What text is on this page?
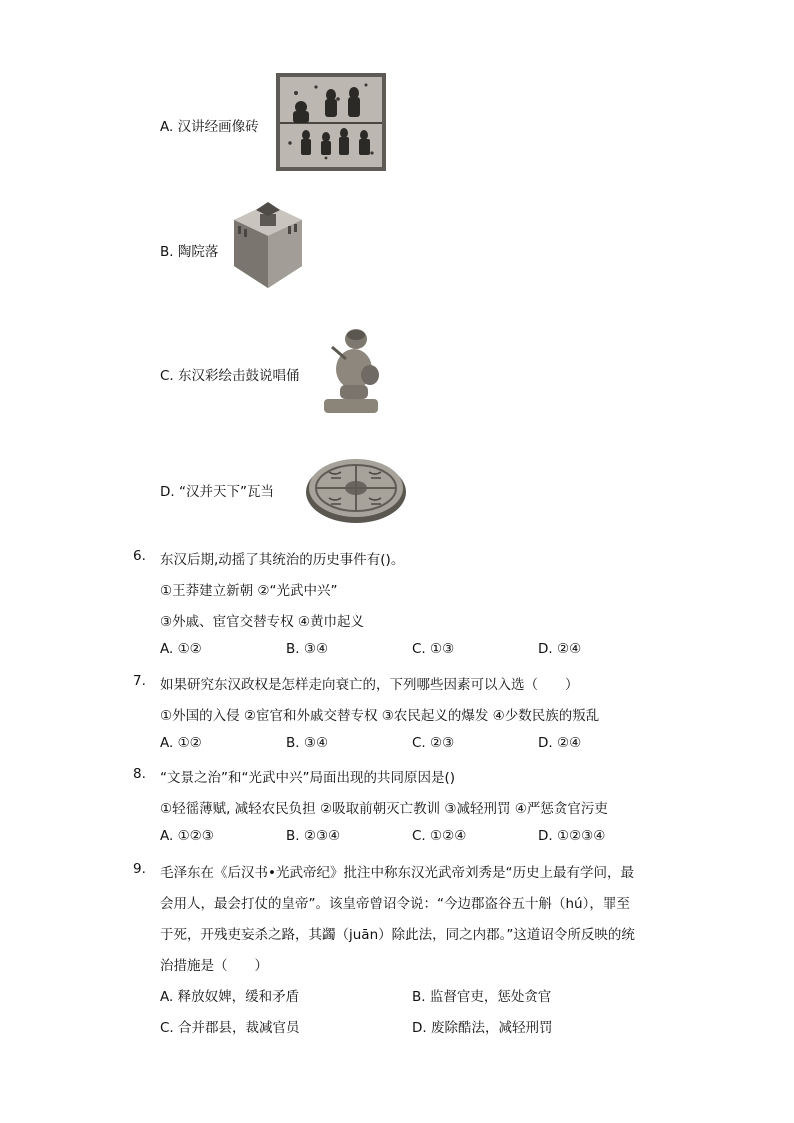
A. 汉讲经画像砖
B. 陶院落
C. 东汉彩绘击鼓说唱俑
D. “汉并天下”瓦当
6. 东汉后期,动摇了其统治的历史事件有()。
①王莽建立新朝 ②“光武中兴”
③外戚、宦官交替专权 ④黄巾起义
A. ①②	B. ③④	C. ①③	D. ②④
7. 如果研究东汉政权是怎样走向衰亡的，下列哪些因素可以入选（　　）
①外国的入侵 ②宦官和外戚交替专权 ③农民起义的爆发 ④少数民族的叛乱
A. ①②	B. ③④	C. ②③	D. ②④
8. “文景之治”和“光武中兴”局面出现的共同原因是()
①轻徭薄赋, 减轻农民负担 ②吸取前朝灭亡教训 ③减轻刑罚 ④严惩贪官污吏
A. ①②③	B. ②③④	C. ①②④	D. ①②③④
9. 毛泽东在《后汉书•光武帝纪》批注中称东汉光武帝刘秀是“历史上最有学问，最
会用人，最会打仗的皇帝”。该皇帝曾诏令说：“今边郡盗谷五十斛（hú），罪至
于死，开残吏妄杀之路，其蠲（juān）除此法，同之内郡。”这道诏令所反映的统
治措施是（　　）
A. 释放奴婢，缓和矛盾	B. 监督官吏，惩处贪官
C. 合并郡县，裁减官员	D. 废除酷法，减轻刑罚
